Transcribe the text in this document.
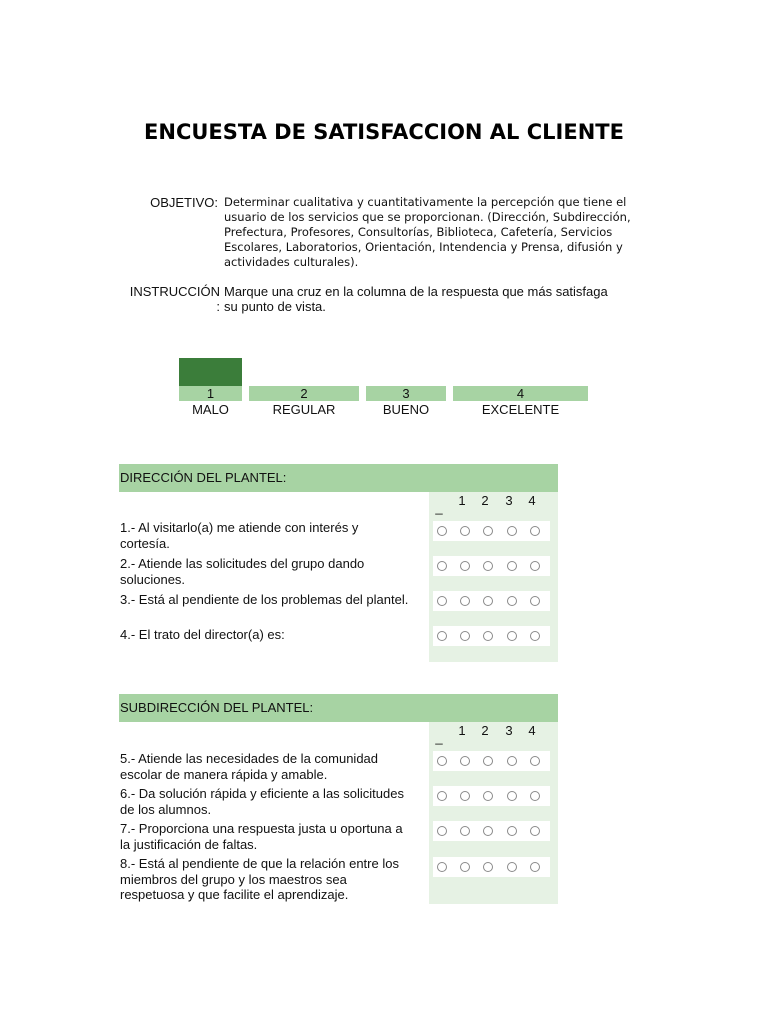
ENCUESTA DE SATISFACCION AL CLIENTE
OBJETIVO: Determinar cualitativa y cuantitativamente la percepción que tiene el
usuario de los servicios que se proporcionan. (Dirección, Subdirección,
Prefectura, Profesores, Consultorías, Biblioteca, Cafetería, Servicios
Escolares, Laboratorios, Orientación, Intendencia y Prensa, difusión y
actividades culturales).
INSTRUCCIÓN
:
Marque una cruz en la columna de la respuesta que más satisfaga
su punto de vista.
1	2	3	4
MALO	REGULAR	BUENO	EXCELENTE
DIRECCIÓN DEL PLANTEL:
_ 1 2 3 4
1.- Al visitarlo(a) me atiende con interés y
cortesía.
2.- Atiende las solicitudes del grupo dando
soluciones.
3.- Está al pendiente de los problemas del plantel.
4.- El trato del director(a) es:
SUBDIRECCIÓN DEL PLANTEL:
_ 1 2 3 4
5.- Atiende las necesidades de la comunidad
escolar de manera rápida y amable.
6.- Da solución rápida y eficiente a las solicitudes
de los alumnos.
7.- Proporciona una respuesta justa u oportuna a
la justificación de faltas.
8.- Está al pendiente de que la relación entre los
miembros del grupo y los maestros sea
respetuosa y que facilite el aprendizaje.
